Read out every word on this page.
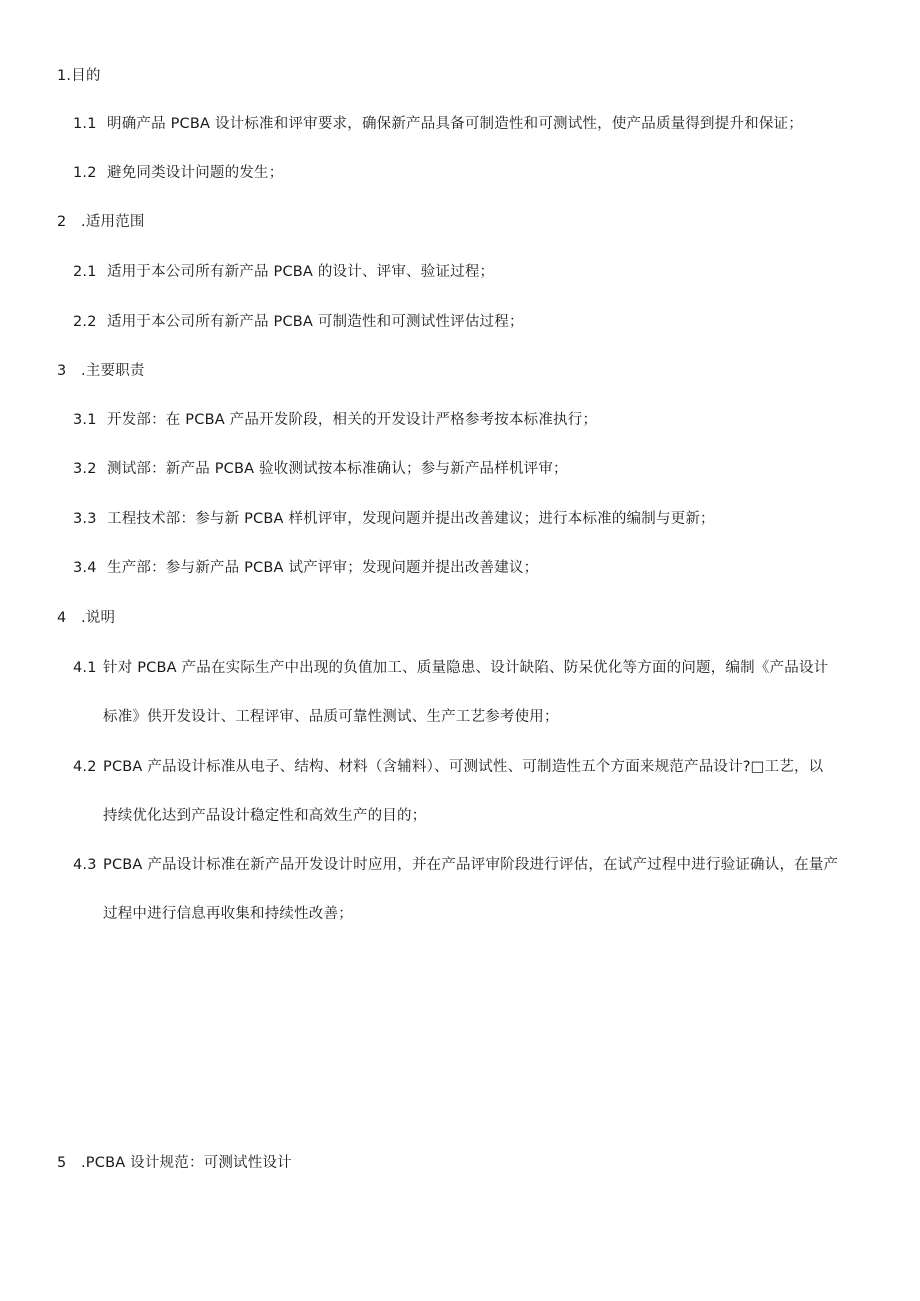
1.目的
1.1 明确产品 PCBA 设计标准和评审要求，确保新产品具备可制造性和可测试性，使产品质量得到提升和保证；
1.2 避免同类设计问题的发生；
2 .适用范围
2.1 适用于本公司所有新产品 PCBA 的设计、评审、验证过程；
2.2 适用于本公司所有新产品 PCBA 可制造性和可测试性评估过程；
3 .主要职责
3.1 开发部：在 PCBA 产品开发阶段，相关的开发设计严格参考按本标准执行；
3.2 测试部：新产品 PCBA 验收测试按本标准确认；参与新产品样机评审；
3.3 工程技术部：参与新 PCBA 样机评审，发现问题并提出改善建议；进行本标准的编制与更新；
3.4 生产部：参与新产品 PCBA 试产评审；发现问题并提出改善建议；
4 .说明
4.1 针对 PCBA 产品在实际生产中出现的负值加工、质量隐患、设计缺陷、防呆优化等方面的问题，编制《产品设计
标准》供开发设计、工程评审、品质可靠性测试、生产工艺参考使用；
4.2 PCBA 产品设计标准从电子、结构、材料（含辅料）、可测试性、可制造性五个方面来规范产品设计?□工艺，以
持续优化达到产品设计稳定性和高效生产的目的；
4.3 PCBA 产品设计标准在新产品开发设计时应用，并在产品评审阶段进行评估，在试产过程中进行验证确认，在量产
过程中进行信息再收集和持续性改善；
5 .PCBA 设计规范：可测试性设计
